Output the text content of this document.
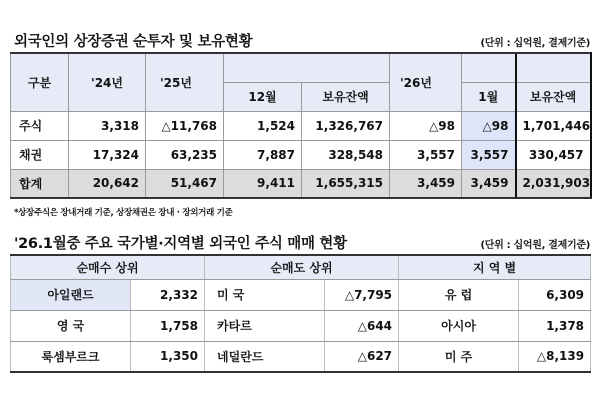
외국인의 상장증권 순투자 및 보유현황	(단위 : 십억원, 결제기준)
구분	'24년	'25년			'26년		
			12월	보유잔액		1월	보유잔액
주식	3,318	△11,768	1,524	1,326,767	△98	△98	1,701,446
채권	17,324	63,235	7,887	328,548	3,557	3,557	330,457
합계	20,642	51,467	9,411	1,655,315	3,459	3,459	2,031,903
*상장주식은 장내거래 기준, 상장채권은 장내 · 장외거래 기준
'26.1월중 주요 국가별·지역별 외국인 주식 매매 현황	(단위 : 십억원, 결제기준)
순매수 상위		순매도 상위		지 역 별	
아일랜드	2,332	미 국	△7,795	유 럽	6,309
영 국	1,758	카타르	△644	아시아	1,378
룩셈부르크	1,350	네덜란드	△627	미 주	△8,139
